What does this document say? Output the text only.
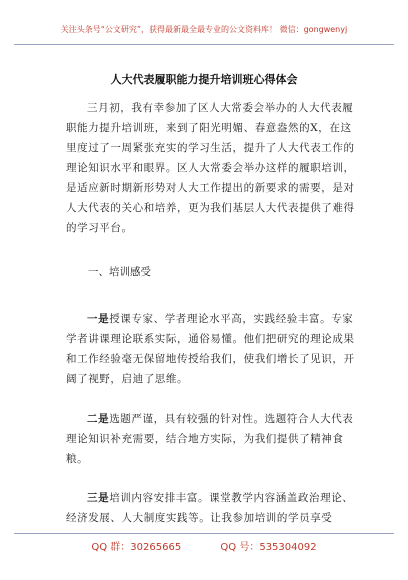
关注头条号“公文研究”，获得最新最全最专业的公文资料库！ 微信：gongwenyj
人大代表履职能力提升培训班心得体会

三月初，我有幸参加了区人大常委会举办的人大代表履职能力提升培训班，来到了阳光明媚、春意盎然的X，在这里度过了一周紧张充实的学习生活，提升了人大代表工作的理论知识水平和眼界。区人大常委会举办这样的履职培训，是适应新时期新形势对人大工作提出的新要求的需要，是对人大代表的关心和培养，更为我们基层人大代表提供了难得的学习平台。

一、培训感受

一是授课专家、学者理论水平高，实践经验丰富。专家学者讲课理论联系实际，通俗易懂。他们把研究的理论成果和工作经验毫无保留地传授给我们，使我们增长了见识，开阔了视野，启迪了思维。

二是选题严谨，具有较强的针对性。选题符合人大代表理论知识补充需要，结合地方实际，为我们提供了精神食粮。

三是培训内容安排丰富。课堂教学内容涵盖政治理论、经济发展、人大制度实践等。让我参加培训的学员享受

QQ 群：30265665	QQ 号：535304092
